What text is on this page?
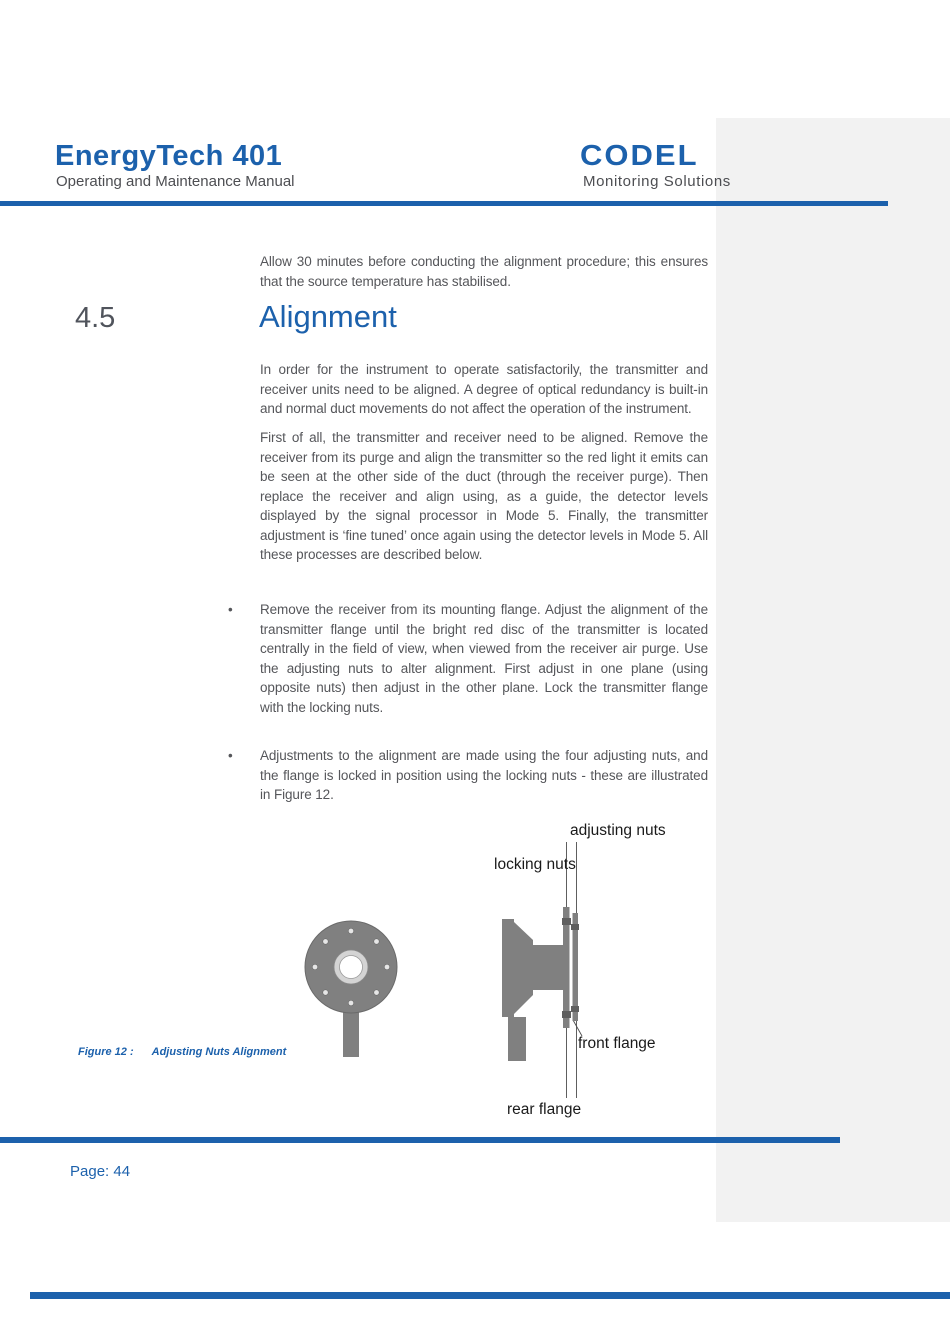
EnergyTech 401
Operating and Maintenance Manual
CODEL
Monitoring Solutions

Allow 30 minutes before conducting the alignment procedure; this ensures that the source temperature has stabilised.

4.5	Alignment

In order for the instrument to operate satisfactorily, the transmitter and receiver units need to be aligned. A degree of optical redundancy is built-in and normal duct movements do not affect the operation of the instrument.

First of all, the transmitter and receiver need to be aligned. Remove the receiver from its purge and align the transmitter so the red light it emits can be seen at the other side of the duct (through the receiver purge). Then replace the receiver and align using, as a guide, the detector levels displayed by the signal processor in Mode 5. Finally, the transmitter adjustment is ‘fine tuned’ once again using the detector levels in Mode 5. All these processes are described below.

•	Remove the receiver from its mounting flange. Adjust the alignment of the transmitter flange until the bright red disc of the transmitter is located centrally in the field of view, when viewed from the receiver air purge. Use the adjusting nuts to alter alignment. First adjust in one plane (using opposite nuts) then adjust in the other plane. Lock the transmitter flange with the locking nuts.

•	Adjustments to the alignment are made using the four adjusting nuts, and the flange is locked in position using the locking nuts - these are illustrated in Figure 12.

adjusting nuts
locking nuts
front flange
rear flange
Figure 12 : Adjusting Nuts Alignment
Page: 44
